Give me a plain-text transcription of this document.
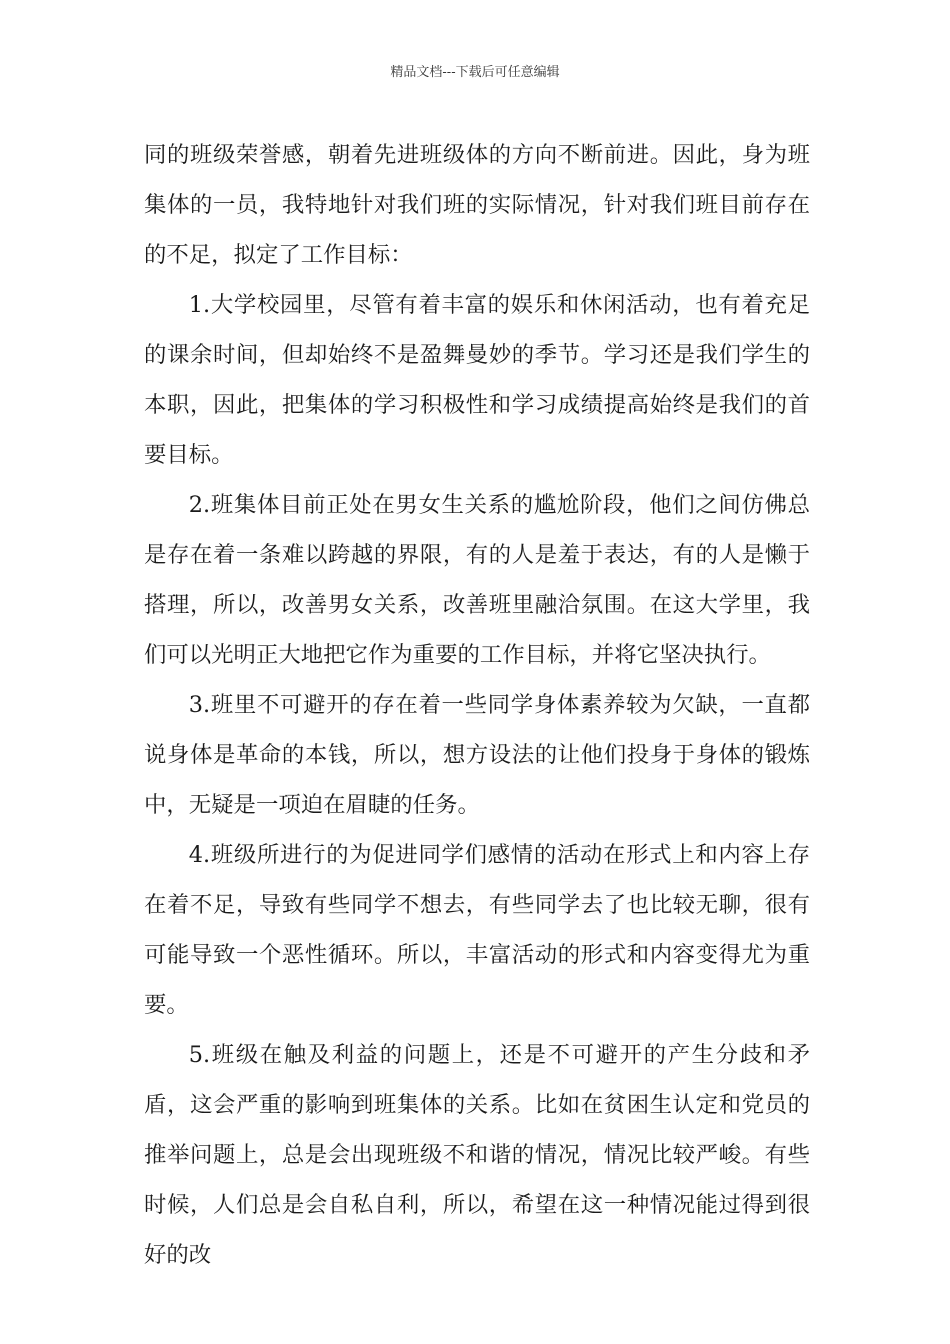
精品文档---下载后可任意编辑

同的班级荣誉感，朝着先进班级体的方向不断前进。因此，身为班集体的一员，我特地针对我们班的实际情况，针对我们班目前存在的不足，拟定了工作目标：

1.大学校园里，尽管有着丰富的娱乐和休闲活动，也有着充足的课余时间，但却始终不是盈舞曼妙的季节。学习还是我们学生的本职，因此，把集体的学习积极性和学习成绩提高始终是我们的首要目标。

2.班集体目前正处在男女生关系的尴尬阶段，他们之间仿佛总是存在着一条难以跨越的界限，有的人是羞于表达，有的人是懒于搭理，所以，改善男女关系，改善班里融洽氛围。在这大学里，我们可以光明正大地把它作为重要的工作目标，并将它坚决执行。

3.班里不可避开的存在着一些同学身体素养较为欠缺，一直都说身体是革命的本钱，所以，想方设法的让他们投身于身体的锻炼中，无疑是一项迫在眉睫的任务。

4.班级所进行的为促进同学们感情的活动在形式上和内容上存在着不足，导致有些同学不想去，有些同学去了也比较无聊，很有可能导致一个恶性循环。所以，丰富活动的形式和内容变得尤为重要。

5.班级在触及利益的问题上，还是不可避开的产生分歧和矛盾，这会严重的影响到班集体的关系。比如在贫困生认定和党员的推举问题上，总是会出现班级不和谐的情况，情况比较严峻。有些时候，人们总是会自私自利，所以，希望在这一种情况能过得到很好的改
